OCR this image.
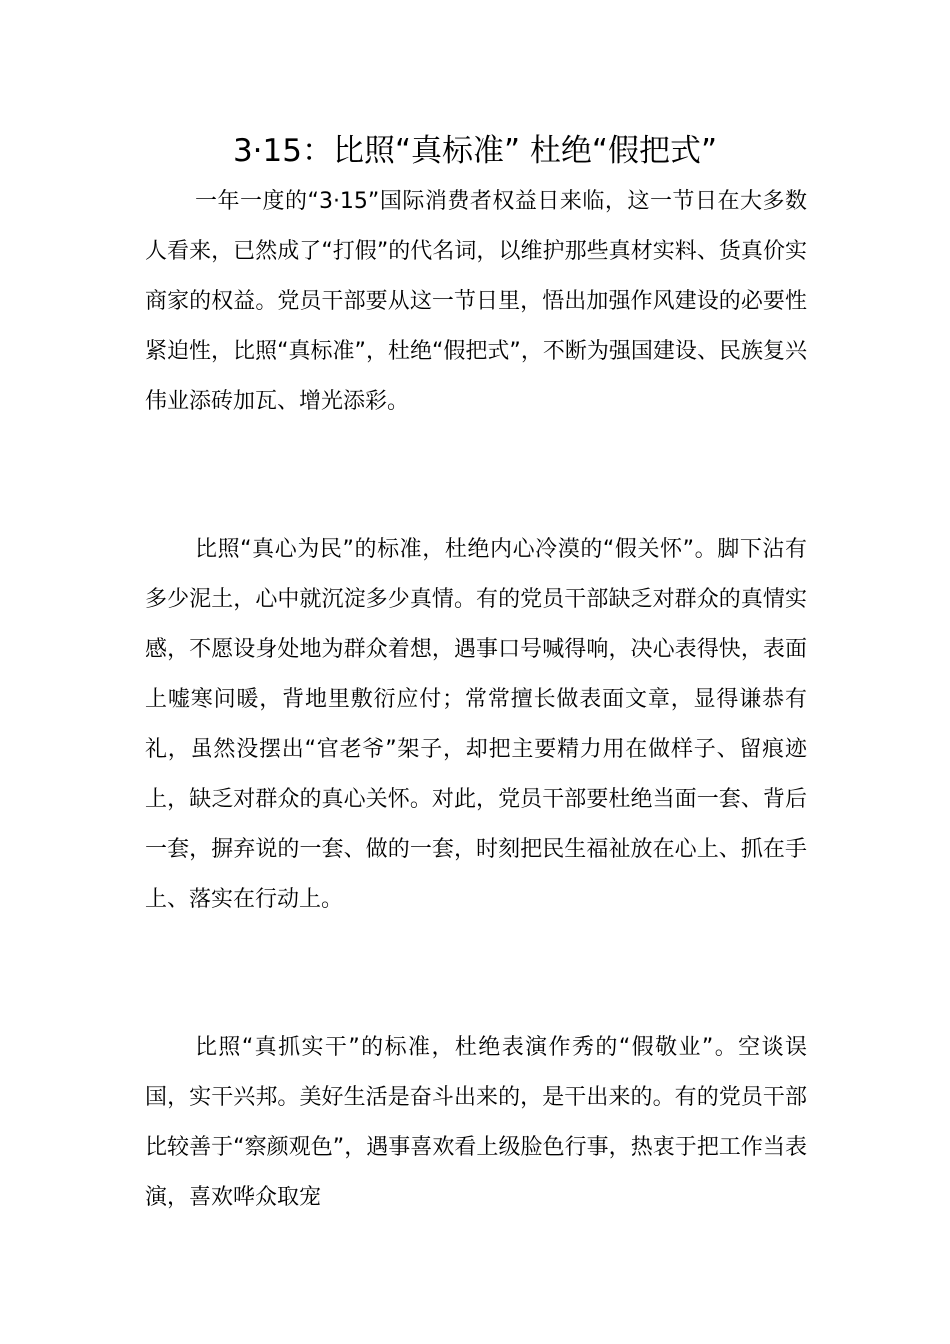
3·15：比照“真标准” 杜绝“假把式”

一年一度的“3·15”国际消费者权益日来临，这一节日在大多数人看来，已然成了“打假”的代名词，以维护那些真材实料、货真价实商家的权益。党员干部要从这一节日里，悟出加强作风建设的必要性紧迫性，比照“真标准”，杜绝“假把式”，不断为强国建设、民族复兴伟业添砖加瓦、增光添彩。

比照“真心为民”的标准，杜绝内心冷漠的“假关怀”。脚下沾有多少泥土，心中就沉淀多少真情。有的党员干部缺乏对群众的真情实感，不愿设身处地为群众着想，遇事口号喊得响，决心表得快，表面上嘘寒问暖，背地里敷衍应付；常常擅长做表面文章，显得谦恭有礼，虽然没摆出“官老爷”架子，却把主要精力用在做样子、留痕迹上，缺乏对群众的真心关怀。对此，党员干部要杜绝当面一套、背后一套，摒弃说的一套、做的一套，时刻把民生福祉放在心上、抓在手上、落实在行动上。

比照“真抓实干”的标准，杜绝表演作秀的“假敬业”。空谈误国，实干兴邦。美好生活是奋斗出来的，是干出来的。有的党员干部比较善于“察颜观色”，遇事喜欢看上级脸色行事，热衷于把工作当表演，喜欢哗众取宠
